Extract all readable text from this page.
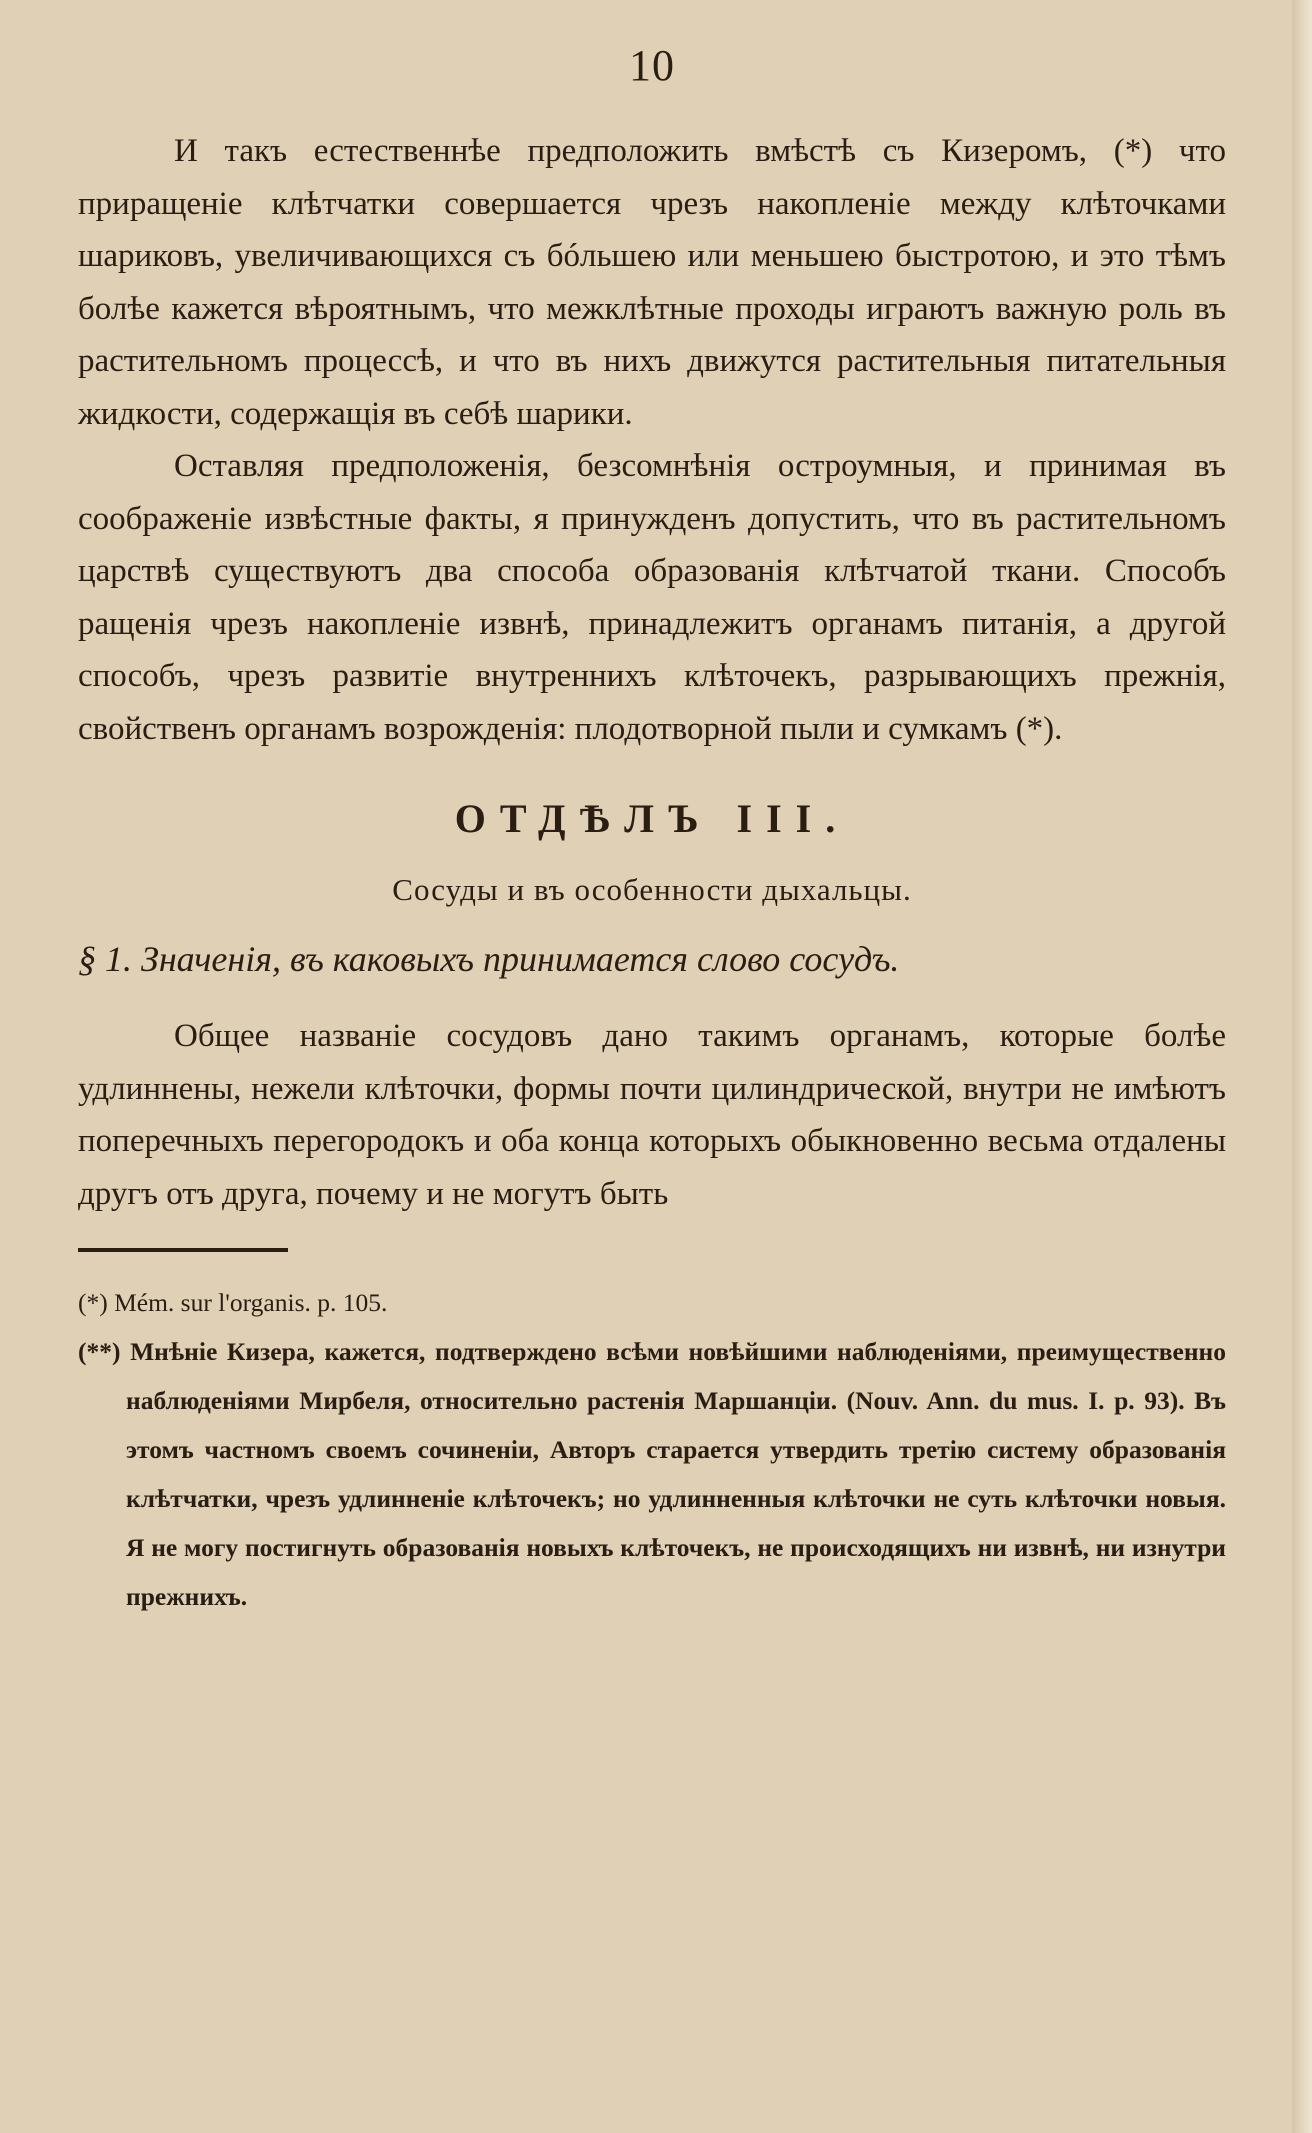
10

И такъ естественнѣе предположить вмѣстѣ съ Кизеромъ, (*) что приращеніе клѣтчатки совершается чрезъ накопленіе между клѣточками шариковъ, увеличивающихся съ бóльшею или меньшею быстротою, и это тѣмъ болѣе кажется вѣроятнымъ, что межклѣтные проходы играютъ важную роль въ растительномъ процессѣ, и что въ нихъ движутся растительныя питательныя жидкости, содержащія въ себѣ шарики.

Оставляя предположенія, безсомнѣнія остроумныя, и принимая въ соображеніе извѣстные факты, я принужденъ допустить, что въ растительномъ царствѣ существуютъ два способа образованія клѣтчатой ткани. Способъ ращенія чрезъ накопленіе извнѣ, принадлежитъ органамъ питанія, а другой способъ, чрезъ развитіе внутреннихъ клѣточекъ, разрывающихъ прежнія, свойственъ органамъ возрожденія: плодотворной пыли и сумкамъ (*).

ОТДѢЛЪ III.
Сосуды и въ особенности дыхальцы.
§ 1. Значенія, въ каковыхъ принимается слово сосудъ.

Общее названіе сосудовъ дано такимъ органамъ, которые болѣе удлиннены, нежели клѣточки, формы почти цилиндрической, внутри не имѣютъ поперечныхъ перегородокъ и оба конца которыхъ обыкновенно весьма отдалены другъ отъ друга, почему и не могутъ быть

(*) Mém. sur l'organis. p. 105.

(**) Мнѣніе Кизера, кажется, подтверждено всѣми новѣйшими наблюденіями, преимущественно наблюденіями Мирбеля, относительно растенія Маршанціи. (Nouv. Ann. du mus. I. p. 93). Въ этомъ частномъ своемъ сочиненіи, Авторъ старается утвердить третію систему образованія клѣтчатки, чрезъ удлинненіе клѣточекъ; но удлинненныя клѣточки не суть клѣточки новыя. Я не могу постигнуть образованія новыхъ клѣточекъ, не происходящихъ ни извнѣ, ни изнутри прежнихъ.
